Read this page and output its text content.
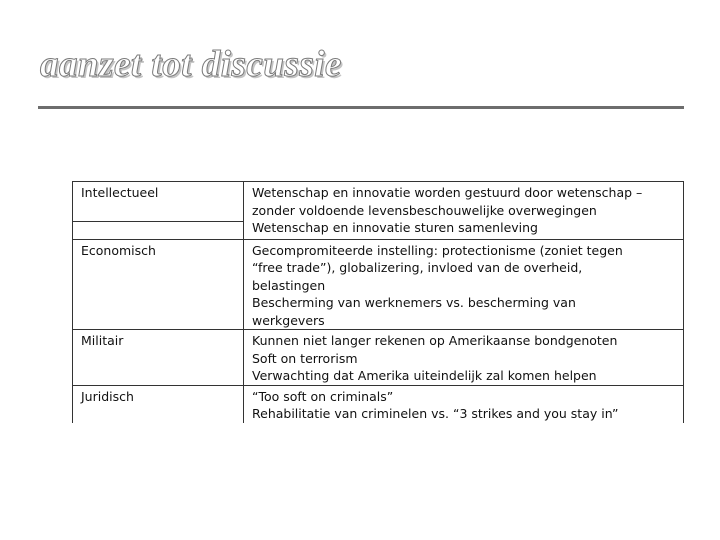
aanzet tot discussie
Intellectueel	Wetenschap en innovatie worden gestuurd door wetenschap –
zonder voldoende levensbeschouwelijke overwegingen
Wetenschap en innovatie sturen samenleving

Economisch	Gecompromiteerde instelling: protectionisme (zoniet tegen
“free trade”), globalizering, invloed van de overheid,
belastingen
Bescherming van werknemers vs. bescherming van
werkgevers

Militair	Kunnen niet langer rekenen op Amerikaanse bondgenoten
Soft on terrorism
Verwachting dat Amerika uiteindelijk zal komen helpen

Juridisch	“Too soft on criminals”
Rehabilitatie van criminelen vs. “3 strikes and you stay in”
